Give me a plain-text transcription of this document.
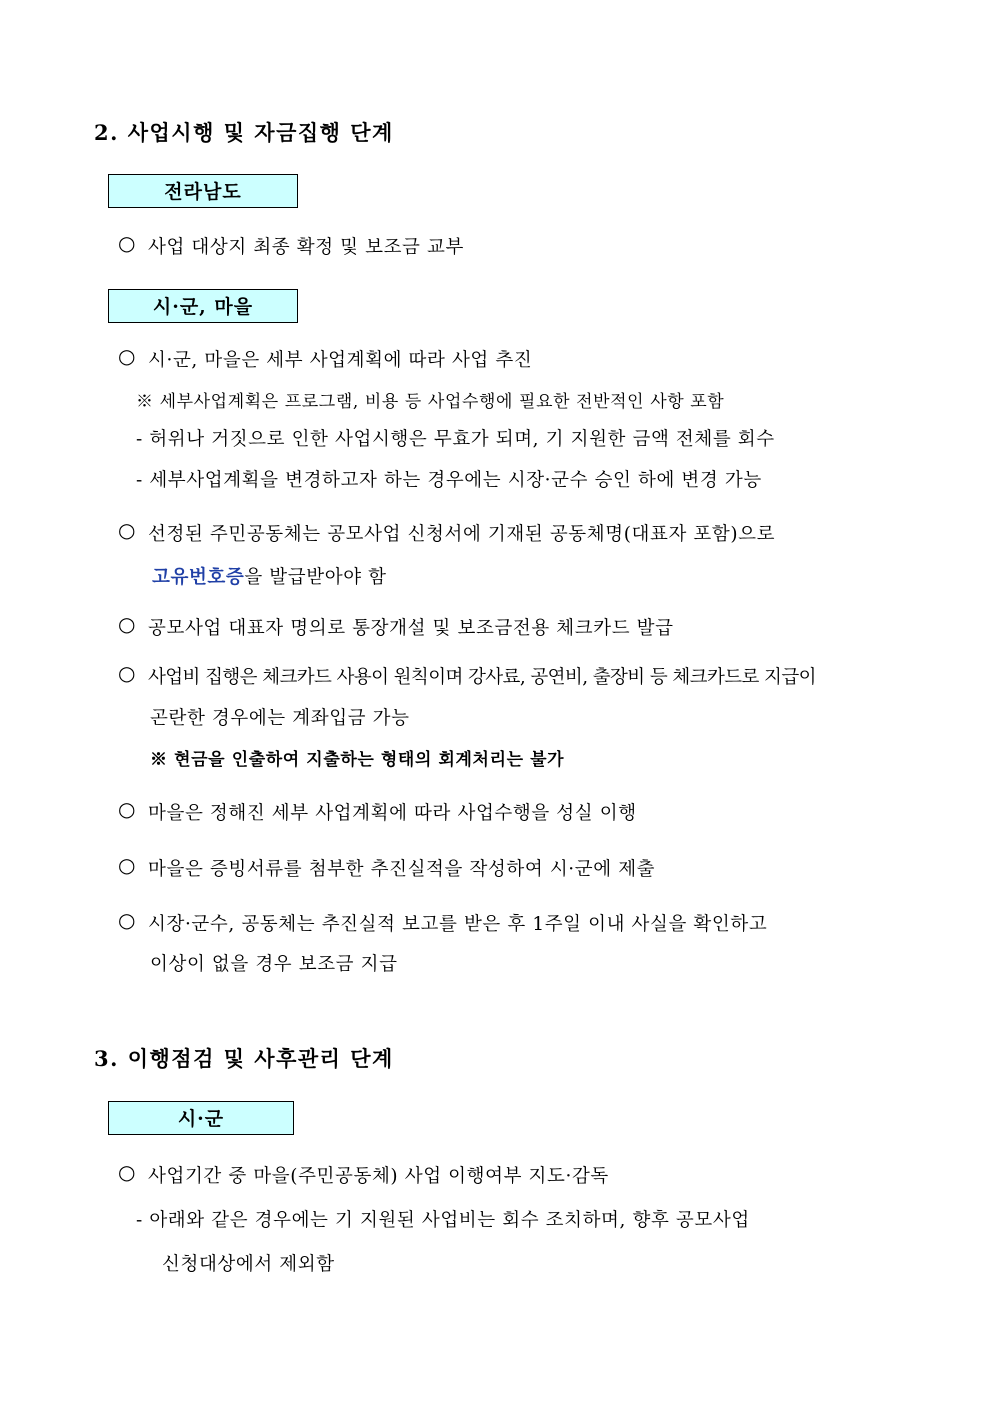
2. 사업시행 및 자금집행 단계
전라남도
○ 사업 대상지 최종 확정 및 보조금 교부
시·군, 마을
○ 시·군, 마을은 세부 사업계획에 따라 사업 추진
※ 세부사업계획은 프로그램, 비용 등 사업수행에 필요한 전반적인 사항 포함
- 허위나 거짓으로 인한 사업시행은 무효가 되며, 기 지원한 금액 전체를 회수
- 세부사업계획을 변경하고자 하는 경우에는 시장·군수 승인 하에 변경 가능
○ 선정된 주민공동체는 공모사업 신청서에 기재된 공동체명(대표자 포함)으로
고유번호증을 발급받아야 함
○ 공모사업 대표자 명의로 통장개설 및 보조금전용 체크카드 발급
○ 사업비 집행은 체크카드 사용이 원칙이며 강사료, 공연비, 출장비 등 체크카드로 지급이
곤란한 경우에는 계좌입금 가능
※ 현금을 인출하여 지출하는 형태의 회계처리는 불가
○ 마을은 정해진 세부 사업계획에 따라 사업수행을 성실 이행
○ 마을은 증빙서류를 첨부한 추진실적을 작성하여 시·군에 제출
○ 시장·군수, 공동체는 추진실적 보고를 받은 후 1주일 이내 사실을 확인하고
이상이 없을 경우 보조금 지급
3. 이행점검 및 사후관리 단계
시·군
○ 사업기간 중 마을(주민공동체) 사업 이행여부 지도·감독
- 아래와 같은 경우에는 기 지원된 사업비는 회수 조치하며, 향후 공모사업
신청대상에서 제외함
